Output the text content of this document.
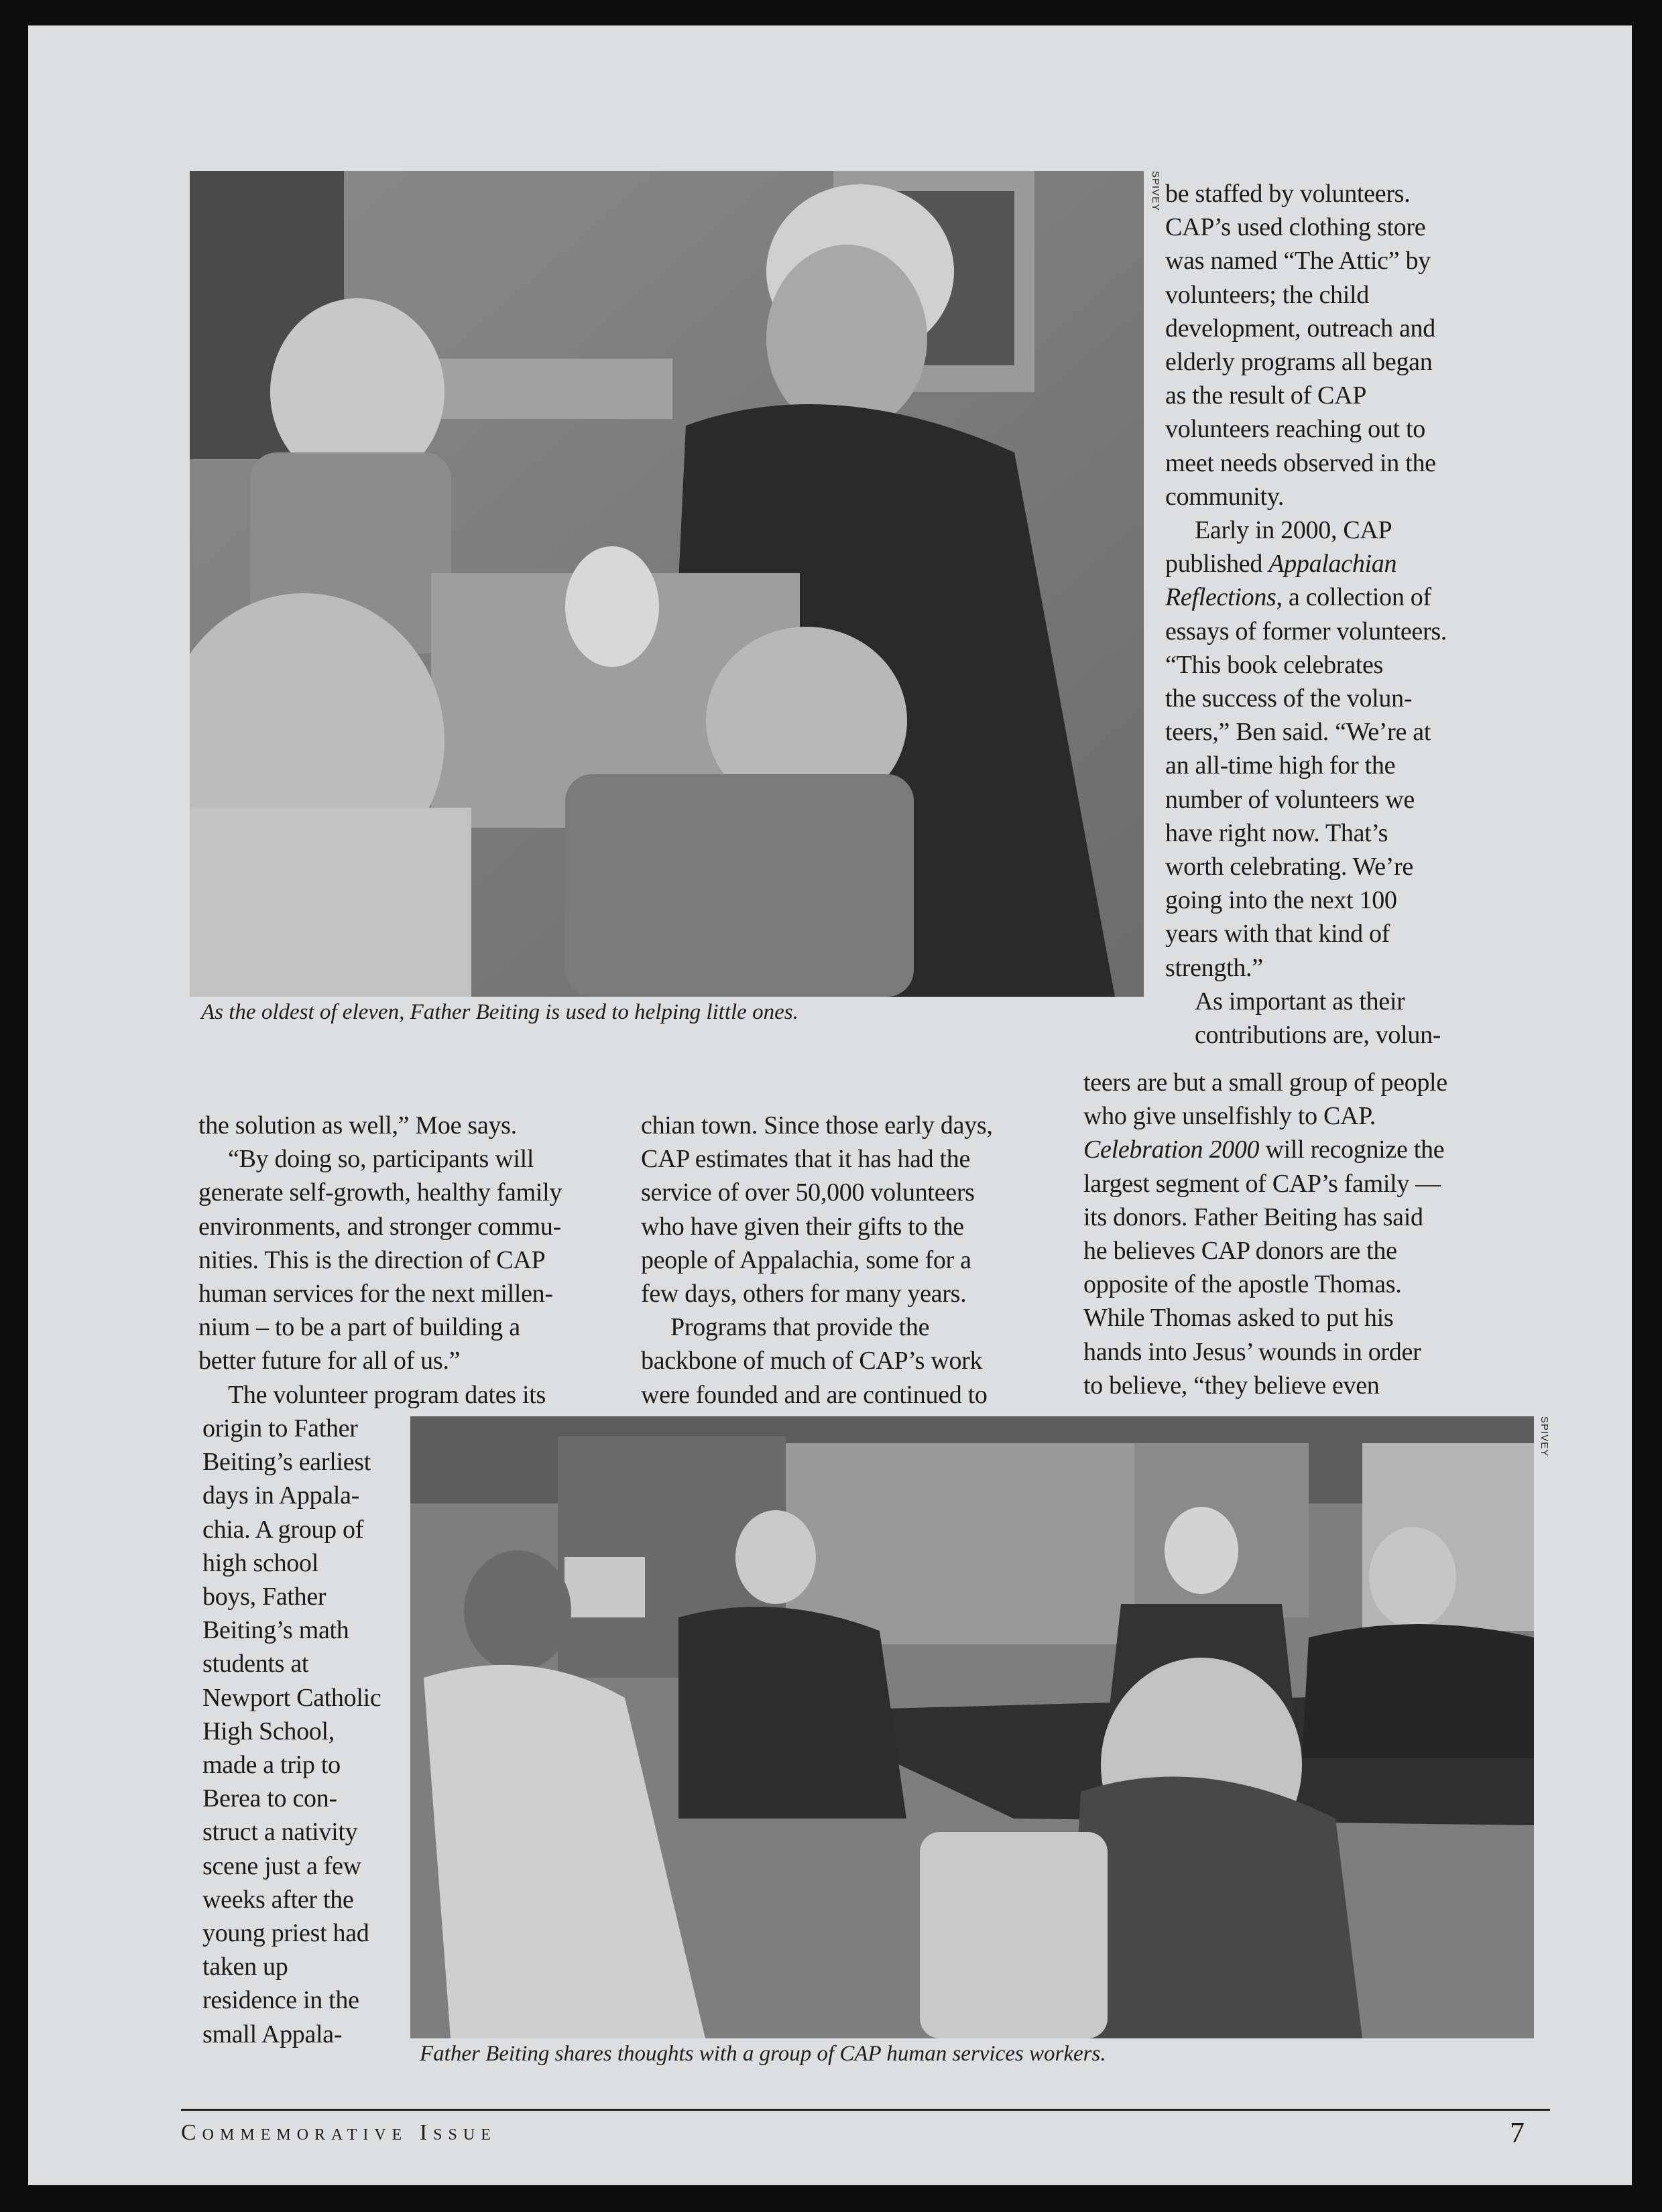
SPIVEY

As the oldest of eleven, Father Beiting is used to helping little ones.

be staffed by volunteers.

CAP’s used clothing store

was named “The Attic” by

volunteers; the child

development, outreach and

elderly programs all began

as the result of CAP

volunteers reaching out to

meet needs observed in the

community.

Early in 2000, CAP

published Appalachian

Reflections, a collection of

essays of former volunteers.

“This book celebrates

the success of the volun-

teers,” Ben said. “We’re at

an all-time high for the

number of volunteers we

have right now. That’s

worth celebrating. We’re

going into the next 100

years with that kind of

strength.”

As important as their

contributions are, volun-

teers are but a small group of people

who give unselfishly to CAP.

Celebration 2000 will recognize the

largest segment of CAP’s family —

its donors. Father Beiting has said

he believes CAP donors are the

opposite of the apostle Thomas.

While Thomas asked to put his

hands into Jesus’ wounds in order

to believe, “they believe even

the solution as well,” Moe says.

“By doing so, participants will

generate self-growth, healthy family

environments, and stronger commu-

nities. This is the direction of CAP

human services for the next millen-

nium – to be a part of building a

better future for all of us.”

The volunteer program dates its

chian town. Since those early days,

CAP estimates that it has had the

service of over 50,000 volunteers

who have given their gifts to the

people of Appalachia, some for a

few days, others for many years.

Programs that provide the

backbone of much of CAP’s work

were founded and are continued to

origin to Father

Beiting’s earliest

days in Appala-

chia. A group of

high school

boys, Father

Beiting’s math

students at

Newport Catholic

High School,

made a trip to

Berea to con-

struct a nativity

scene just a few

weeks after the

young priest had

taken up

residence in the

small Appala-

SPIVEY

Father Beiting shares thoughts with a group of CAP human services workers.

Commemorative Issue	7
